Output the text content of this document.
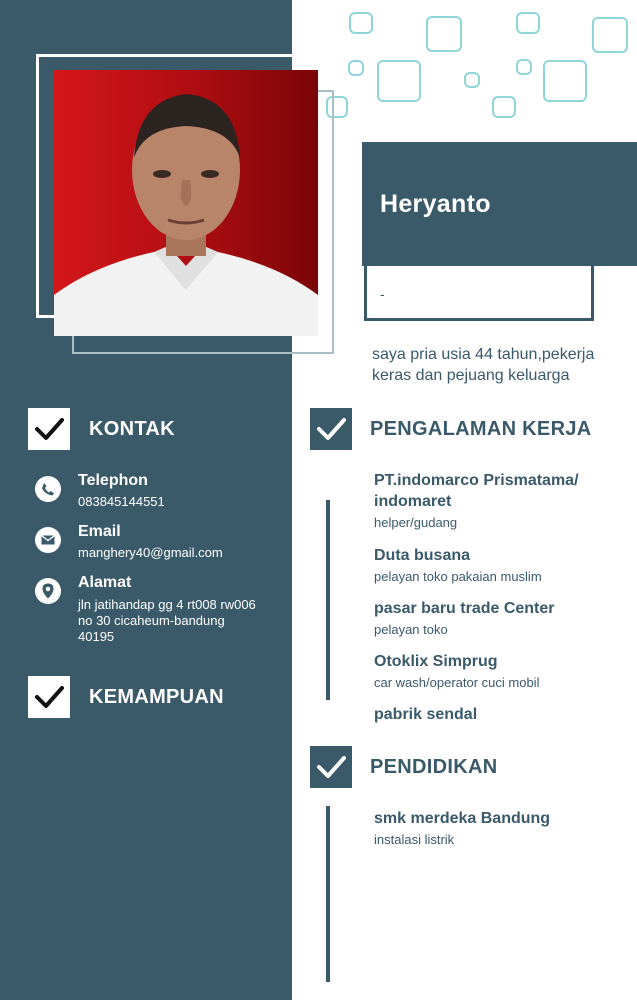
Heryanto
-
saya pria usia 44 tahun,pekerja keras dan pejuang keluarga
KONTAK
Telephon
083845144551
Email
manghery40@gmail.com
Alamat
jln jatihandap gg 4 rt008 rw006 no 30 cicaheum-bandung 40195
KEMAMPUAN
PENGALAMAN KERJA
PT.indomarco Prismatama/ indomaret
helper/gudang
Duta busana
pelayan toko pakaian muslim
pasar baru trade Center
pelayan toko
Otoklix Simprug
car wash/operator cuci mobil
pabrik sendal
PENDIDIKAN
smk merdeka Bandung
instalasi listrik
